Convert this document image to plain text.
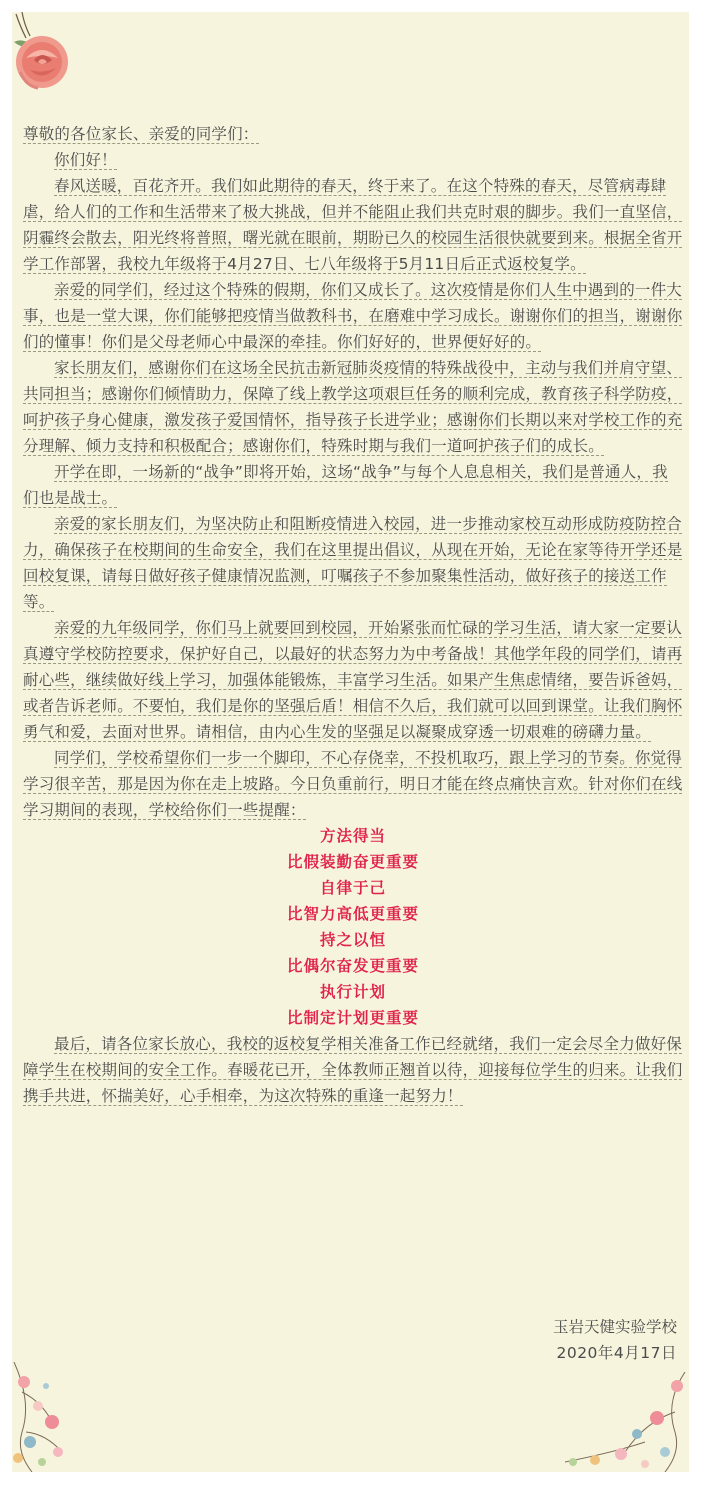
尊敬的各位家长、亲爱的同学们：

你们好！

春风送暖，百花齐开。我们如此期待的春天，终于来了。在这个特殊的春天，尽管病毒肆虐，给人们的工作和生活带来了极大挑战，但并不能阻止我们共克时艰的脚步。我们一直坚信，阴霾终会散去，阳光终将普照，曙光就在眼前，期盼已久的校园生活很快就要到来。根据全省开学工作部署，我校九年级将于4月27日、七八年级将于5月11日后正式返校复学。

亲爱的同学们，经过这个特殊的假期，你们又成长了。这次疫情是你们人生中遇到的一件大事，也是一堂大课，你们能够把疫情当做教科书，在磨难中学习成长。谢谢你们的担当，谢谢你们的懂事！你们是父母老师心中最深的牵挂。你们好好的，世界便好好的。

家长朋友们，感谢你们在这场全民抗击新冠肺炎疫情的特殊战役中，主动与我们并肩守望、共同担当；感谢你们倾情助力，保障了线上教学这项艰巨任务的顺利完成，教育孩子科学防疫，呵护孩子身心健康，激发孩子爱国情怀，指导孩子长进学业；感谢你们长期以来对学校工作的充分理解、倾力支持和积极配合；感谢你们，特殊时期与我们一道呵护孩子们的成长。

开学在即，一场新的“战争”即将开始，这场“战争”与每个人息息相关，我们是普通人，我们也是战士。

亲爱的家长朋友们，为坚决防止和阻断疫情进入校园，进一步推动家校互动形成防疫防控合力，确保孩子在校期间的生命安全，我们在这里提出倡议，从现在开始，无论在家等待开学还是回校复课，请每日做好孩子健康情况监测，叮嘱孩子不参加聚集性活动，做好孩子的接送工作等。

亲爱的九年级同学，你们马上就要回到校园，开始紧张而忙碌的学习生活，请大家一定要认真遵守学校防控要求，保护好自己，以最好的状态努力为中考备战！其他学年段的同学们，请再耐心些，继续做好线上学习，加强体能锻炼，丰富学习生活。如果产生焦虑情绪，要告诉爸妈，或者告诉老师。不要怕，我们是你的坚强后盾！相信不久后，我们就可以回到课堂。让我们胸怀勇气和爱，去面对世界。请相信，由内心生发的坚强足以凝聚成穿透一切艰难的磅礴力量。

同学们，学校希望你们一步一个脚印，不心存侥幸，不投机取巧，跟上学习的节奏。你觉得学习很辛苦，那是因为你在走上坡路。今日负重前行，明日才能在终点痛快言欢。针对你们在线学习期间的表现，学校给你们一些提醒：

方法得当

比假装勤奋更重要

自律于己

比智力高低更重要

持之以恒

比偶尔奋发更重要

执行计划

比制定计划更重要

最后，请各位家长放心，我校的返校复学相关准备工作已经就绪，我们一定会尽全力做好保障学生在校期间的安全工作。春暖花已开，全体教师正翘首以待，迎接每位学生的归来。让我们携手共进，怀揣美好，心手相牵，为这次特殊的重逢一起努力！

玉岩天健实验学校
2020年4月17日
